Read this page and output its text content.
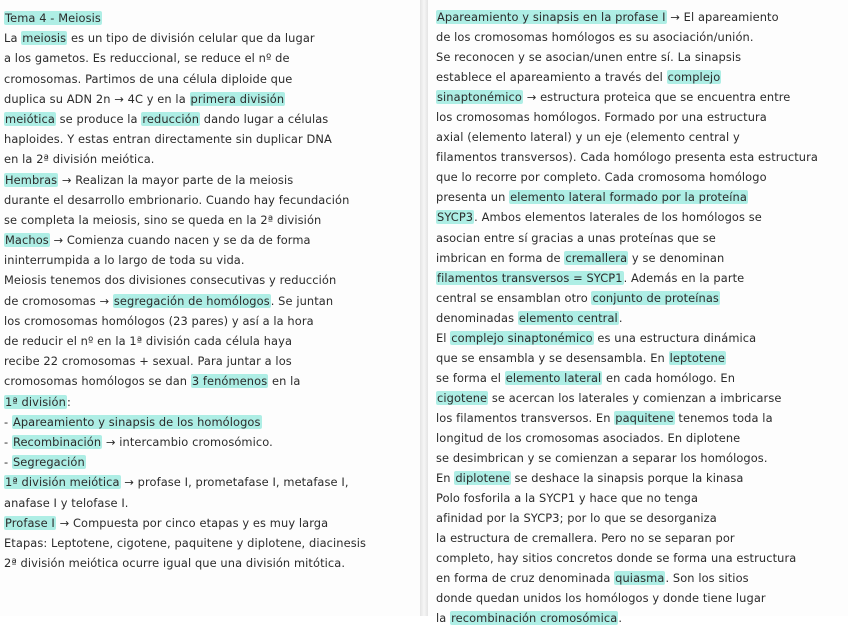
Tema 4 - Meiosis
La meiosis es un tipo de división celular que da lugar
a los gametos. Es reduccional, se reduce el nº de
cromosomas. Partimos de una célula diploide que
duplica su ADN 2n → 4C y en la primera división
meiótica se produce la reducción dando lugar a células
haploides. Y estas entran directamente sin duplicar DNA
en la 2ª división meiótica.
Hembras → Realizan la mayor parte de la meiosis
durante el desarrollo embrionario. Cuando hay fecundación
se completa la meiosis, sino se queda en la 2ª división
Machos → Comienza cuando nacen y se da de forma
ininterrumpida a lo largo de toda su vida.
Meiosis tenemos dos divisiones consecutivas y reducción
de cromosomas → segregación de homólogos. Se juntan
los cromosomas homólogos (23 pares) y así a la hora
de reducir el nº en la 1ª división cada célula haya
recibe 22 cromosomas + sexual. Para juntar a los
cromosomas homólogos se dan 3 fenómenos en la
1ª división:
- Apareamiento y sinapsis de los homólogos
- Recombinación → intercambio cromosómico.
- Segregación
1ª división meiótica → profase I, prometafase I, metafase I,
anafase I y telofase I.
Profase I → Compuesta por cinco etapas y es muy larga
Etapas: Leptotene, cigotene, paquitene y diplotene, diacinesis
2ª división meiótica ocurre igual que una división mitótica.
Apareamiento y sinapsis en la profase I → El apareamiento
de los cromosomas homólogos es su asociación/unión.
Se reconocen y se asocian/unen entre sí. La sinapsis
establece el apareamiento a través del complejo
sinaptonémico → estructura proteica que se encuentra entre
los cromosomas homólogos. Formado por una estructura
axial (elemento lateral) y un eje (elemento central y
filamentos transversos). Cada homólogo presenta esta estructura
que lo recorre por completo. Cada cromosoma homólogo
presenta un elemento lateral formado por la proteína
SYCP3. Ambos elementos laterales de los homólogos se
asocian entre sí gracias a unas proteínas que se
imbrican en forma de cremallera y se denominan
filamentos transversos = SYCP1. Además en la parte
central se ensamblan otro conjunto de proteínas
denominadas elemento central.
El complejo sinaptonémico es una estructura dinámica
que se ensambla y se desensambla. En leptotene
se forma el elemento lateral en cada homólogo. En
cigotene se acercan los laterales y comienzan a imbricarse
los filamentos transversos. En paquitene tenemos toda la
longitud de los cromosomas asociados. En diplotene
se desimbrican y se comienzan a separar los homólogos.
En diplotene se deshace la sinapsis porque la kinasa
Polo fosforila a la SYCP1 y hace que no tenga
afinidad por la SYCP3; por lo que se desorganiza
la estructura de cremallera. Pero no se separan por
completo, hay sitios concretos donde se forma una estructura
en forma de cruz denominada quiasma. Son los sitios
donde quedan unidos los homólogos y donde tiene lugar
la recombinación cromosómica.
